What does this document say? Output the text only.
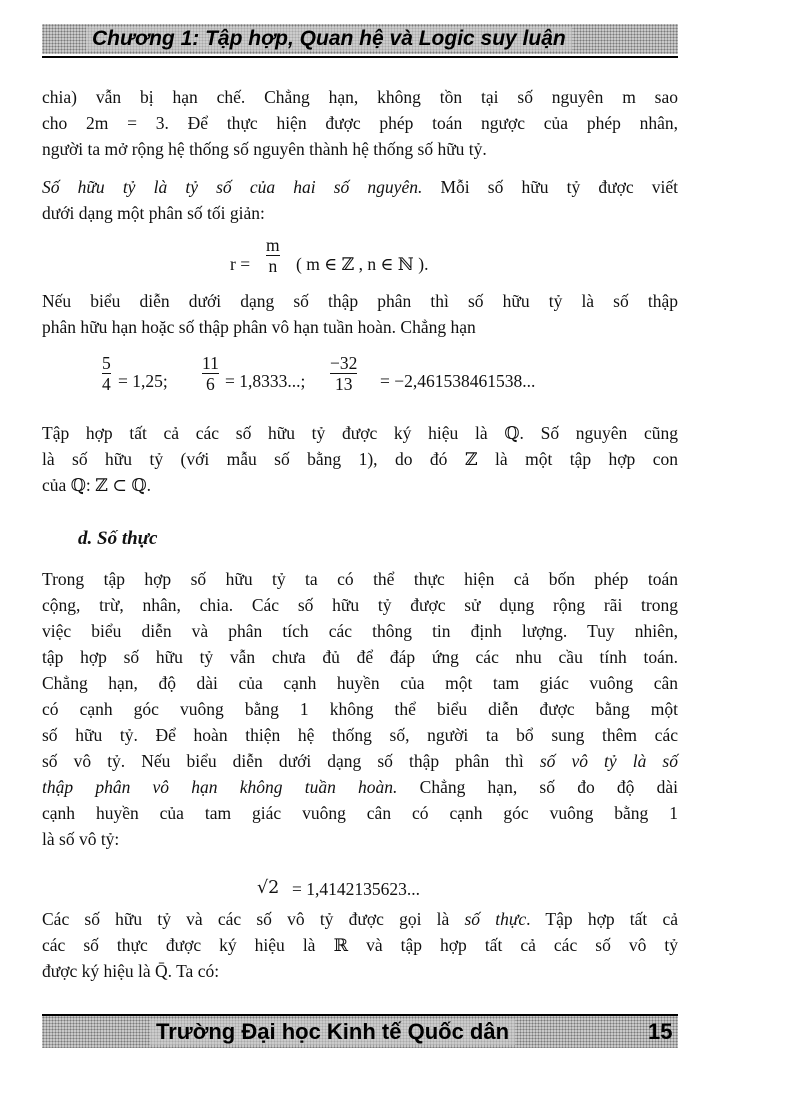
Chương 1: Tập hợp, Quan hệ và Logic suy luận
chia) vẫn bị hạn chế. Chẳng hạn, không tồn tại số nguyên m sao
cho 2m = 3. Để thực hiện được phép toán ngược của phép nhân,
người ta mở rộng hệ thống số nguyên thành hệ thống số hữu tỷ.
Số hữu tỷ là tỷ số của hai số nguyên. Mỗi số hữu tỷ được viết
dưới dạng một phân số tối giản:
r =
m
n ( m ∈ ℤ , n ∈ ℕ ).
Nếu biểu diễn dưới dạng số thập phân thì số hữu tỷ là số thập
phân hữu hạn hoặc số thập phân vô hạn tuần hoàn. Chẳng hạn
5
4 = 1,25;
11
6 = 1,8333...;
−32
13 = −2,461538461538...
Tập hợp tất cả các số hữu tỷ được ký hiệu là ℚ. Số nguyên cũng
là số hữu tỷ (với mẫu số bằng 1), do đó ℤ là một tập hợp con
của ℚ: ℤ ⊂ ℚ.
d. Số thực
Trong tập hợp số hữu tỷ ta có thể thực hiện cả bốn phép toán
cộng, trừ, nhân, chia. Các số hữu tỷ được sử dụng rộng rãi trong
việc biểu diễn và phân tích các thông tin định lượng. Tuy nhiên,
tập hợp số hữu tỷ vẫn chưa đủ để đáp ứng các nhu cầu tính toán.
Chẳng hạn, độ dài của cạnh huyền của một tam giác vuông cân
có cạnh góc vuông bằng 1 không thể biểu diễn được bằng một
số hữu tỷ. Để hoàn thiện hệ thống số, người ta bổ sung thêm các
số vô tỷ. Nếu biểu diễn dưới dạng số thập phân thì số vô tỷ là số
thập phân vô hạn không tuần hoàn. Chẳng hạn, số đo độ dài
cạnh huyền của tam giác vuông cân có cạnh góc vuông bằng 1
là số vô tỷ:
√2 = 1,4142135623...
Các số hữu tỷ và các số vô tỷ được gọi là số thực. Tập hợp tất cả
các số thực được ký hiệu là ℝ và tập hợp tất cả các số vô tỷ
được ký hiệu là Q̄. Ta có:
Trường Đại học Kinh tế Quốc dân	15
